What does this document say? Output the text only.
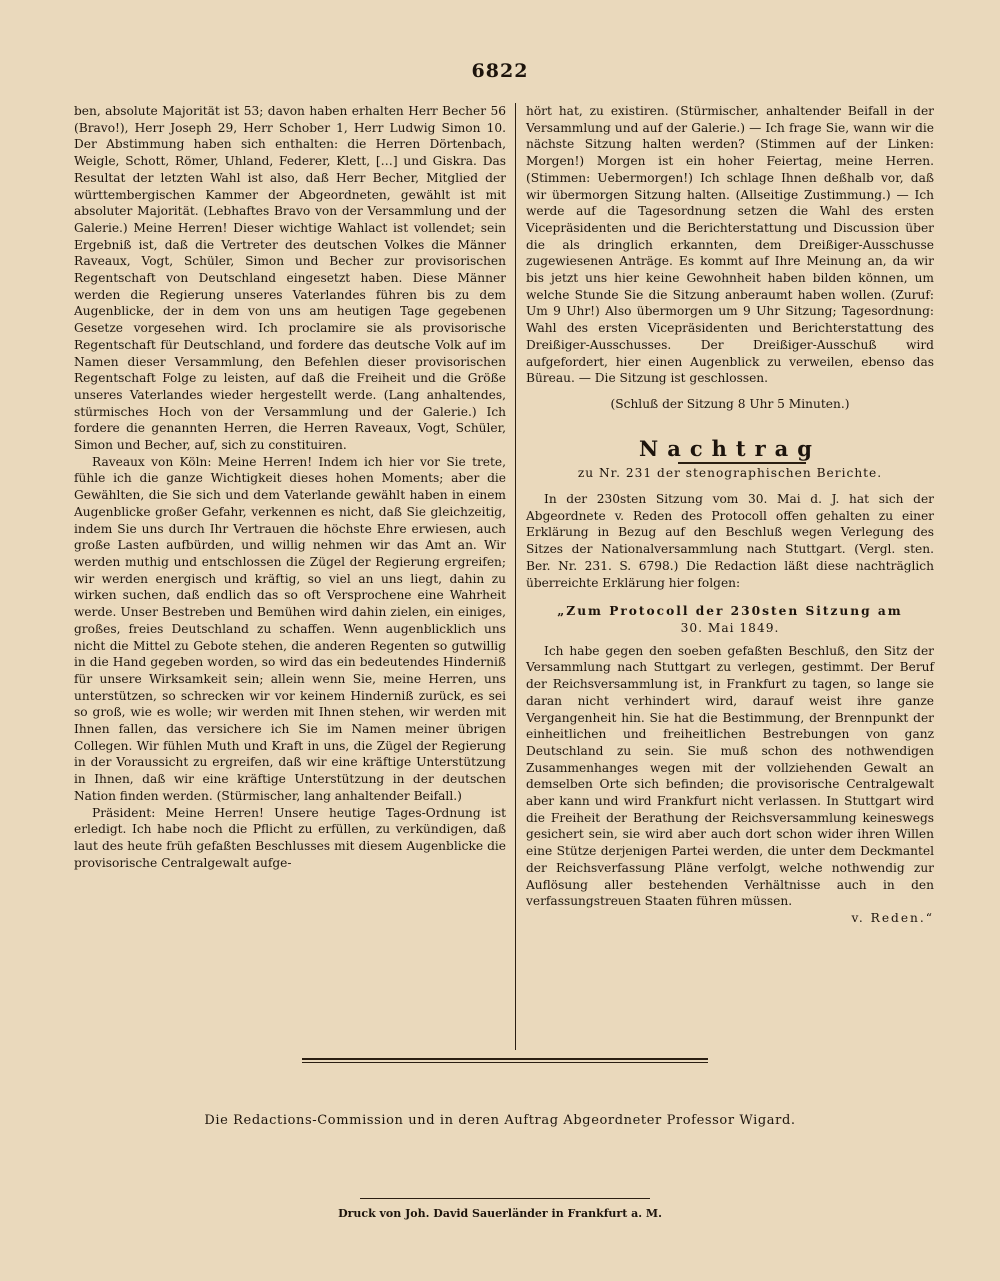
6822

ben, absolute Majorität ist 53; davon haben erhalten Herr Becher 56 (Bravo!), Herr Joseph 29, Herr Schober 1, Herr Ludwig Simon 10. Der Abstimmung haben sich enthalten: die Herren Dörtenbach, Weigle, Schott, Römer, Uhland, Federer, Klett, […] und Giskra. Das Resultat der letzten Wahl ist also, daß Herr Becher, Mitglied der württembergischen Kammer der Abgeordneten, gewählt ist mit absoluter Majorität. (Lebhaftes Bravo von der Versammlung und der Galerie.) Meine Herren! Dieser wichtige Wahlact ist vollendet; sein Ergebniß ist, daß die Vertreter des deutschen Volkes die Männer Raveaux, Vogt, Schüler, Simon und Becher zur provisorischen Regentschaft von Deutschland eingesetzt haben. Diese Männer werden die Regierung unseres Vaterlandes führen bis zu dem Augenblicke, der in dem von uns am heutigen Tage gegebenen Gesetze vorgesehen wird. Ich proclamire sie als provisorische Regentschaft für Deutschland, und fordere das deutsche Volk auf im Namen dieser Versammlung, den Befehlen dieser provisorischen Regentschaft Folge zu leisten, auf daß die Freiheit und die Größe unseres Vaterlandes wieder hergestellt werde. (Lang anhaltendes, stürmisches Hoch von der Versammlung und der Galerie.) Ich fordere die genannten Herren, die Herren Raveaux, Vogt, Schüler, Simon und Becher, auf, sich zu constituiren.

Raveaux von Köln: Meine Herren! Indem ich hier vor Sie trete, fühle ich die ganze Wichtigkeit dieses hohen Moments; aber die Gewählten, die Sie sich und dem Vaterlande gewählt haben in einem Augenblicke großer Gefahr, verkennen es nicht, daß Sie gleichzeitig, indem Sie uns durch Ihr Vertrauen die höchste Ehre erwiesen, auch große Lasten aufbürden, und willig nehmen wir das Amt an. Wir werden muthig und entschlossen die Zügel der Regierung ergreifen; wir werden energisch und kräftig, so viel an uns liegt, dahin zu wirken suchen, daß endlich das so oft Versprochene eine Wahrheit werde. Unser Bestreben und Bemühen wird dahin zielen, ein einiges, großes, freies Deutschland zu schaffen. Wenn augenblicklich uns nicht die Mittel zu Gebote stehen, die anderen Regenten so gutwillig in die Hand gegeben worden, so wird das ein bedeutendes Hinderniß für unsere Wirksamkeit sein; allein wenn Sie, meine Herren, uns unterstützen, so schrecken wir vor keinem Hinderniß zurück, es sei so groß, wie es wolle; wir werden mit Ihnen stehen, wir werden mit Ihnen fallen, das versichere ich Sie im Namen meiner übrigen Collegen. Wir fühlen Muth und Kraft in uns, die Zügel der Regierung in der Voraussicht zu ergreifen, daß wir eine kräftige Unterstützung in Ihnen, daß wir eine kräftige Unterstützung in der deutschen Nation finden werden. (Stürmischer, lang anhaltender Beifall.)

Präsident: Meine Herren! Unsere heutige Tages-Ordnung ist erledigt. Ich habe noch die Pflicht zu erfüllen, zu verkündigen, daß laut des heute früh gefaßten Beschlusses mit diesem Augenblicke die provisorische Centralgewalt aufge-

hört hat, zu existiren. (Stürmischer, anhaltender Beifall in der Versammlung und auf der Galerie.) — Ich frage Sie, wann wir die nächste Sitzung halten werden? (Stimmen auf der Linken: Morgen!) Morgen ist ein hoher Feiertag, meine Herren. (Stimmen: Uebermorgen!) Ich schlage Ihnen deßhalb vor, daß wir übermorgen Sitzung halten. (Allseitige Zustimmung.) — Ich werde auf die Tagesordnung setzen die Wahl des ersten Vicepräsidenten und die Berichterstattung und Discussion über die als dringlich erkannten, dem Dreißiger-Ausschusse zugewiesenen Anträge. Es kommt auf Ihre Meinung an, da wir bis jetzt uns hier keine Gewohnheit haben bilden können, um welche Stunde Sie die Sitzung anberaumt haben wollen. (Zuruf: Um 9 Uhr!) Also übermorgen um 9 Uhr Sitzung; Tagesordnung: Wahl des ersten Vicepräsidenten und Berichterstattung des Dreißiger-Ausschusses. Der Dreißiger-Ausschuß wird aufgefordert, hier einen Augenblick zu verweilen, ebenso das Büreau. — Die Sitzung ist geschlossen.

(Schluß der Sitzung 8 Uhr 5 Minuten.)

Nachtrag

zu Nr. 231 der stenographischen Berichte.

In der 230sten Sitzung vom 30. Mai d. J. hat sich der Abgeordnete v. Reden des Protocoll offen gehalten zu einer Erklärung in Bezug auf den Beschluß wegen Verlegung des Sitzes der Nationalversammlung nach Stuttgart. (Vergl. sten. Ber. Nr. 231. S. 6798.) Die Redaction läßt diese nachträglich überreichte Erklärung hier folgen:

„Zum Protocoll der 230sten Sitzung am

30. Mai 1849.

Ich habe gegen den soeben gefaßten Beschluß, den Sitz der Versammlung nach Stuttgart zu verlegen, gestimmt. Der Beruf der Reichsversammlung ist, in Frankfurt zu tagen, so lange sie daran nicht verhindert wird, darauf weist ihre ganze Vergangenheit hin. Sie hat die Bestimmung, der Brennpunkt der einheitlichen und freiheitlichen Bestrebungen von ganz Deutschland zu sein. Sie muß schon des nothwendigen Zusammenhanges wegen mit der vollziehenden Gewalt an demselben Orte sich befinden; die provisorische Centralgewalt aber kann und wird Frankfurt nicht verlassen. In Stuttgart wird die Freiheit der Berathung der Reichsversammlung keineswegs gesichert sein, sie wird aber auch dort schon wider ihren Willen eine Stütze derjenigen Partei werden, die unter dem Deckmantel der Reichsverfassung Pläne verfolgt, welche nothwendig zur Auflösung aller bestehenden Verhältnisse auch in den verfassungstreuen Staaten führen müssen.

v. Reden.“

Die Redactions-Commission und in deren Auftrag Abgeordneter Professor Wigard.
Druck von Joh. David Sauerländer in Frankfurt a. M.
